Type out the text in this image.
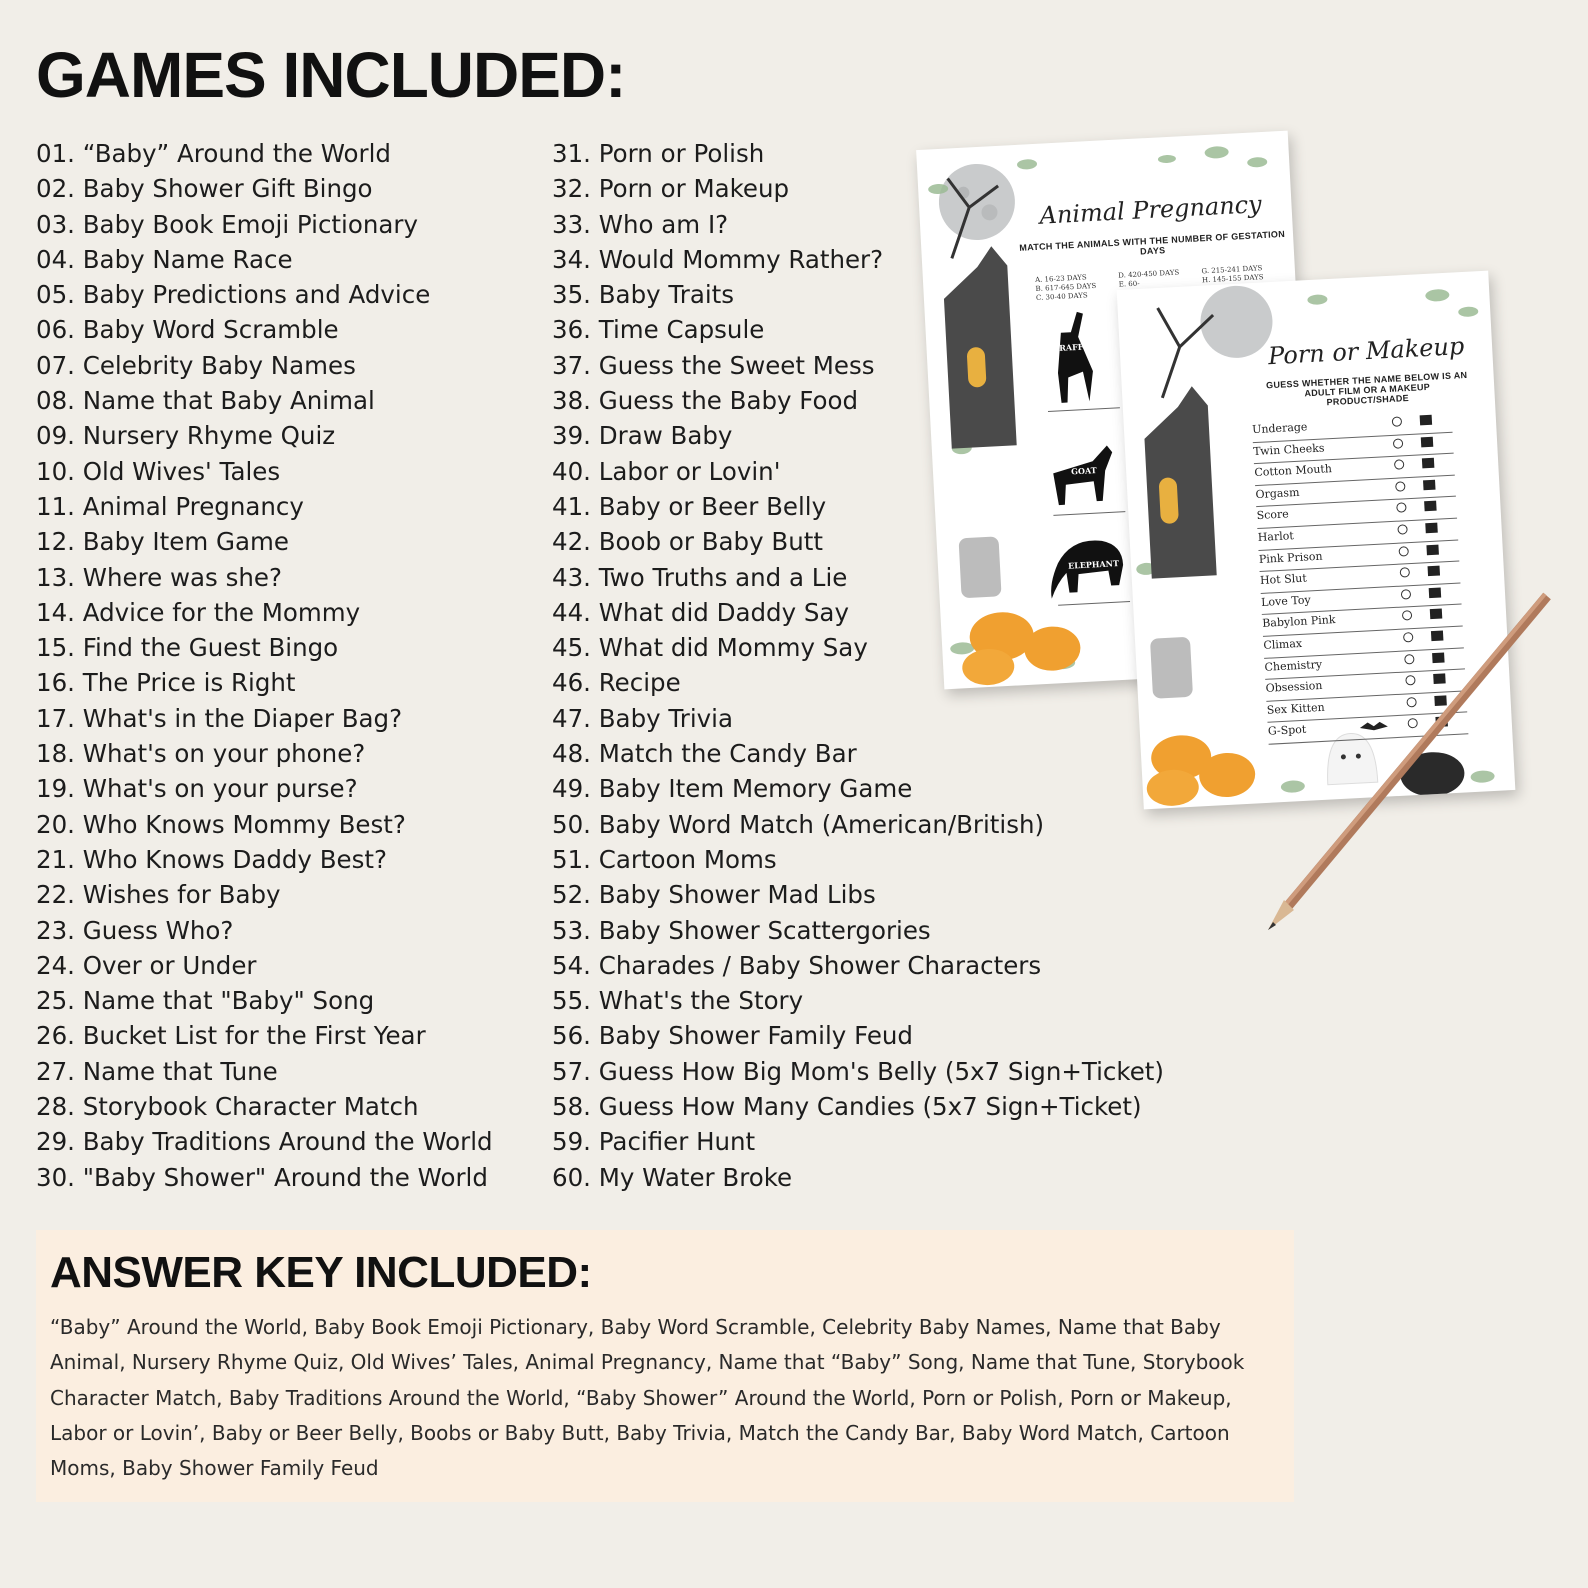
GAMES INCLUDED:
01. “Baby” Around the World
02. Baby Shower Gift Bingo
03. Baby Book Emoji Pictionary
04. Baby Name Race
05. Baby Predictions and Advice
06. Baby Word Scramble
07. Celebrity Baby Names
08. Name that Baby Animal
09. Nursery Rhyme Quiz
10. Old Wives' Tales
11. Animal Pregnancy
12. Baby Item Game
13. Where was she?
14. Advice for the Mommy
15. Find the Guest Bingo
16. The Price is Right
17. What's in the Diaper Bag?
18. What's on your phone?
19. What's on your purse?
20. Who Knows Mommy Best?
21. Who Knows Daddy Best?
22. Wishes for Baby
23. Guess Who?
24. Over or Under
25. Name that "Baby" Song
26. Bucket List for the First Year
27. Name that Tune
28. Storybook Character Match
29. Baby Traditions Around the World
30. "Baby Shower" Around the World
31. Porn or Polish
32. Porn or Makeup
33. Who am I?
34. Would Mommy Rather?
35. Baby Traits
36. Time Capsule
37. Guess the Sweet Mess
38. Guess the Baby Food
39. Draw Baby
40. Labor or Lovin'
41. Baby or Beer Belly
42. Boob or Baby Butt
43. Two Truths and a Lie
44. What did Daddy Say
45. What did Mommy Say
46. Recipe
47. Baby Trivia
48. Match the Candy Bar
49. Baby Item Memory Game
50. Baby Word Match (American/British)
51. Cartoon Moms
52. Baby Shower Mad Libs
53. Baby Shower Scattergories
54. Charades / Baby Shower Characters
55. What's the Story
56. Baby Shower Family Feud
57. Guess How Big Mom's Belly (5x7 Sign+Ticket)
58. Guess How Many Candies (5x7 Sign+Ticket)
59. Pacifier Hunt
60. My Water Broke
Animal Pregnancy
MATCH THE ANIMALS WITH THE NUMBER OF GESTATION DAYS
A. 16-23 DAYS	D. 420-450 DAYS	G. 215-241 DAYS
B. 617-645 DAYS	E. 60-	H. 145-155 DAYS
C. 30-40 DAYS
GIRAFFE
GOAT
ELEPHANT
Porn or Makeup
GUESS WHETHER THE NAME BELOW IS AN ADULT FILM OR A MAKEUP PRODUCT/SHADE
Underage
Twin Cheeks
Cotton Mouth
Orgasm
Score
Harlot
Pink Prison
Hot Slut
Love Toy
Babylon Pink
Climax
Chemistry
Obsession
Sex Kitten
G-Spot
ANSWER KEY INCLUDED:

“Baby” Around the World, Baby Book Emoji Pictionary, Baby Word Scramble, Celebrity Baby Names, Name that Baby Animal, Nursery Rhyme Quiz, Old Wives’ Tales, Animal Pregnancy, Name that “Baby” Song, Name that Tune, Storybook Character Match, Baby Traditions Around the World, “Baby Shower” Around the World, Porn or Polish, Porn or Makeup, Labor or Lovin’, Baby or Beer Belly, Boobs or Baby Butt, Baby Trivia, Match the Candy Bar, Baby Word Match, Cartoon Moms, Baby Shower Family Feud
